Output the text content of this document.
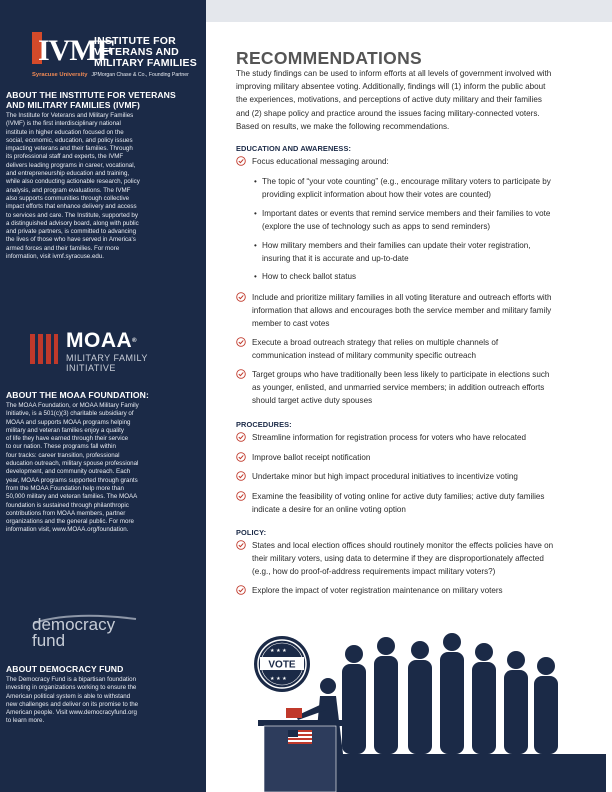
IVMF
INSTITUTE FOR
VETERANS AND
MILITARY FAMILIES
Syracuse University JPMorgan Chase & Co., Founding Partner
ABOUT THE INSTITUTE FOR VETERANS
AND MILITARY FAMILIES (IVMF)
The Institute for Veterans and Military Families
(IVMF) is the first interdisciplinary national
institute in higher education focused on the
social, economic, education, and policy issues
impacting veterans and their families. Through
its professional staff and experts, the IVMF
delivers leading programs in career, vocational,
and entrepreneurship education and training,
while also conducting actionable research, policy
analysis, and program evaluations. The IVMF
also supports communities through collective
impact efforts that enhance delivery and access
to services and care. The Institute, supported by
a distinguished advisory board, along with public
and private partners, is committed to advancing
the lives of those who have served in America's
armed forces and their families. For more
information, visit ivmf.syracuse.edu.
MOAA®
MILITARY FAMILY
INITIATIVE
ABOUT THE MOAA FOUNDATION:
The MOAA Foundation, or MOAA Military Family
Initiative, is a 501(c)(3) charitable subsidiary of
MOAA and supports MOAA programs helping
military and veteran families enjoy a quality
of life they have earned through their service
to our nation. These programs fall within
four tracks: career transition, professional
education outreach, military spouse professional
development, and community outreach. Each
year, MOAA programs supported through grants
from the MOAA Foundation help more than
50,000 military and veteran families. The MOAA
foundation is sustained through philanthropic
contributions from MOAA members, partner
organizations and the general public. For more
information visit, www.MOAA.org/foundation.
democracy
fund
ABOUT DEMOCRACY FUND
The Democracy Fund is a bipartisan foundation
investing in organizations working to ensure the
American political system is able to withstand
new challenges and deliver on its promise to the
American people. Visit www.democracyfund.org
to learn more.
RECOMMENDATIONS
The study findings can be used to inform efforts at all levels of government involved with
improving military absentee voting. Additionally, findings will (1) inform the public about
the experiences, motivations, and perceptions of active duty military and their families
and (2) shape policy and practice around the issues facing military-connected voters.
Based on results, we make the following recommendations.
EDUCATION AND AWARENESS:
Focus educational messaging around:
• The topic of “your vote counting” (e.g., encourage military voters to participate by
providing explicit information about how their votes are counted)
• Important dates or events that remind service members and their families to vote
(explore the use of technology such as apps to send reminders)
• How military members and their families can update their voter registration,
insuring that it is accurate and up-to-date
• How to check ballot status
Include and prioritize military families in all voting literature and outreach efforts with
information that allows and encourages both the service member and military family
member to cast votes
Execute a broad outreach strategy that relies on multiple channels of
communication instead of military community specific outreach
Target groups who have traditionally been less likely to participate in elections such
as younger, enlisted, and unmarried service members; in addition outreach efforts
should target active duty spouses
PROCEDURES:
Streamline information for registration process for voters who have relocated
Improve ballot receipt notification
Undertake minor but high impact procedural initiatives to incentivize voting
Examine the feasibility of voting online for active duty families; active duty families
indicate a desire for an online voting option
POLICY:
States and local election offices should routinely monitor the effects policies have on
their military voters, using data to determine if they are disproportionately affected
(e.g., how do proof-of-address requirements impact military voters?)
Explore the impact of voter registration maintenance on military voters
★ ★ ★
VOTE
★ ★ ★
